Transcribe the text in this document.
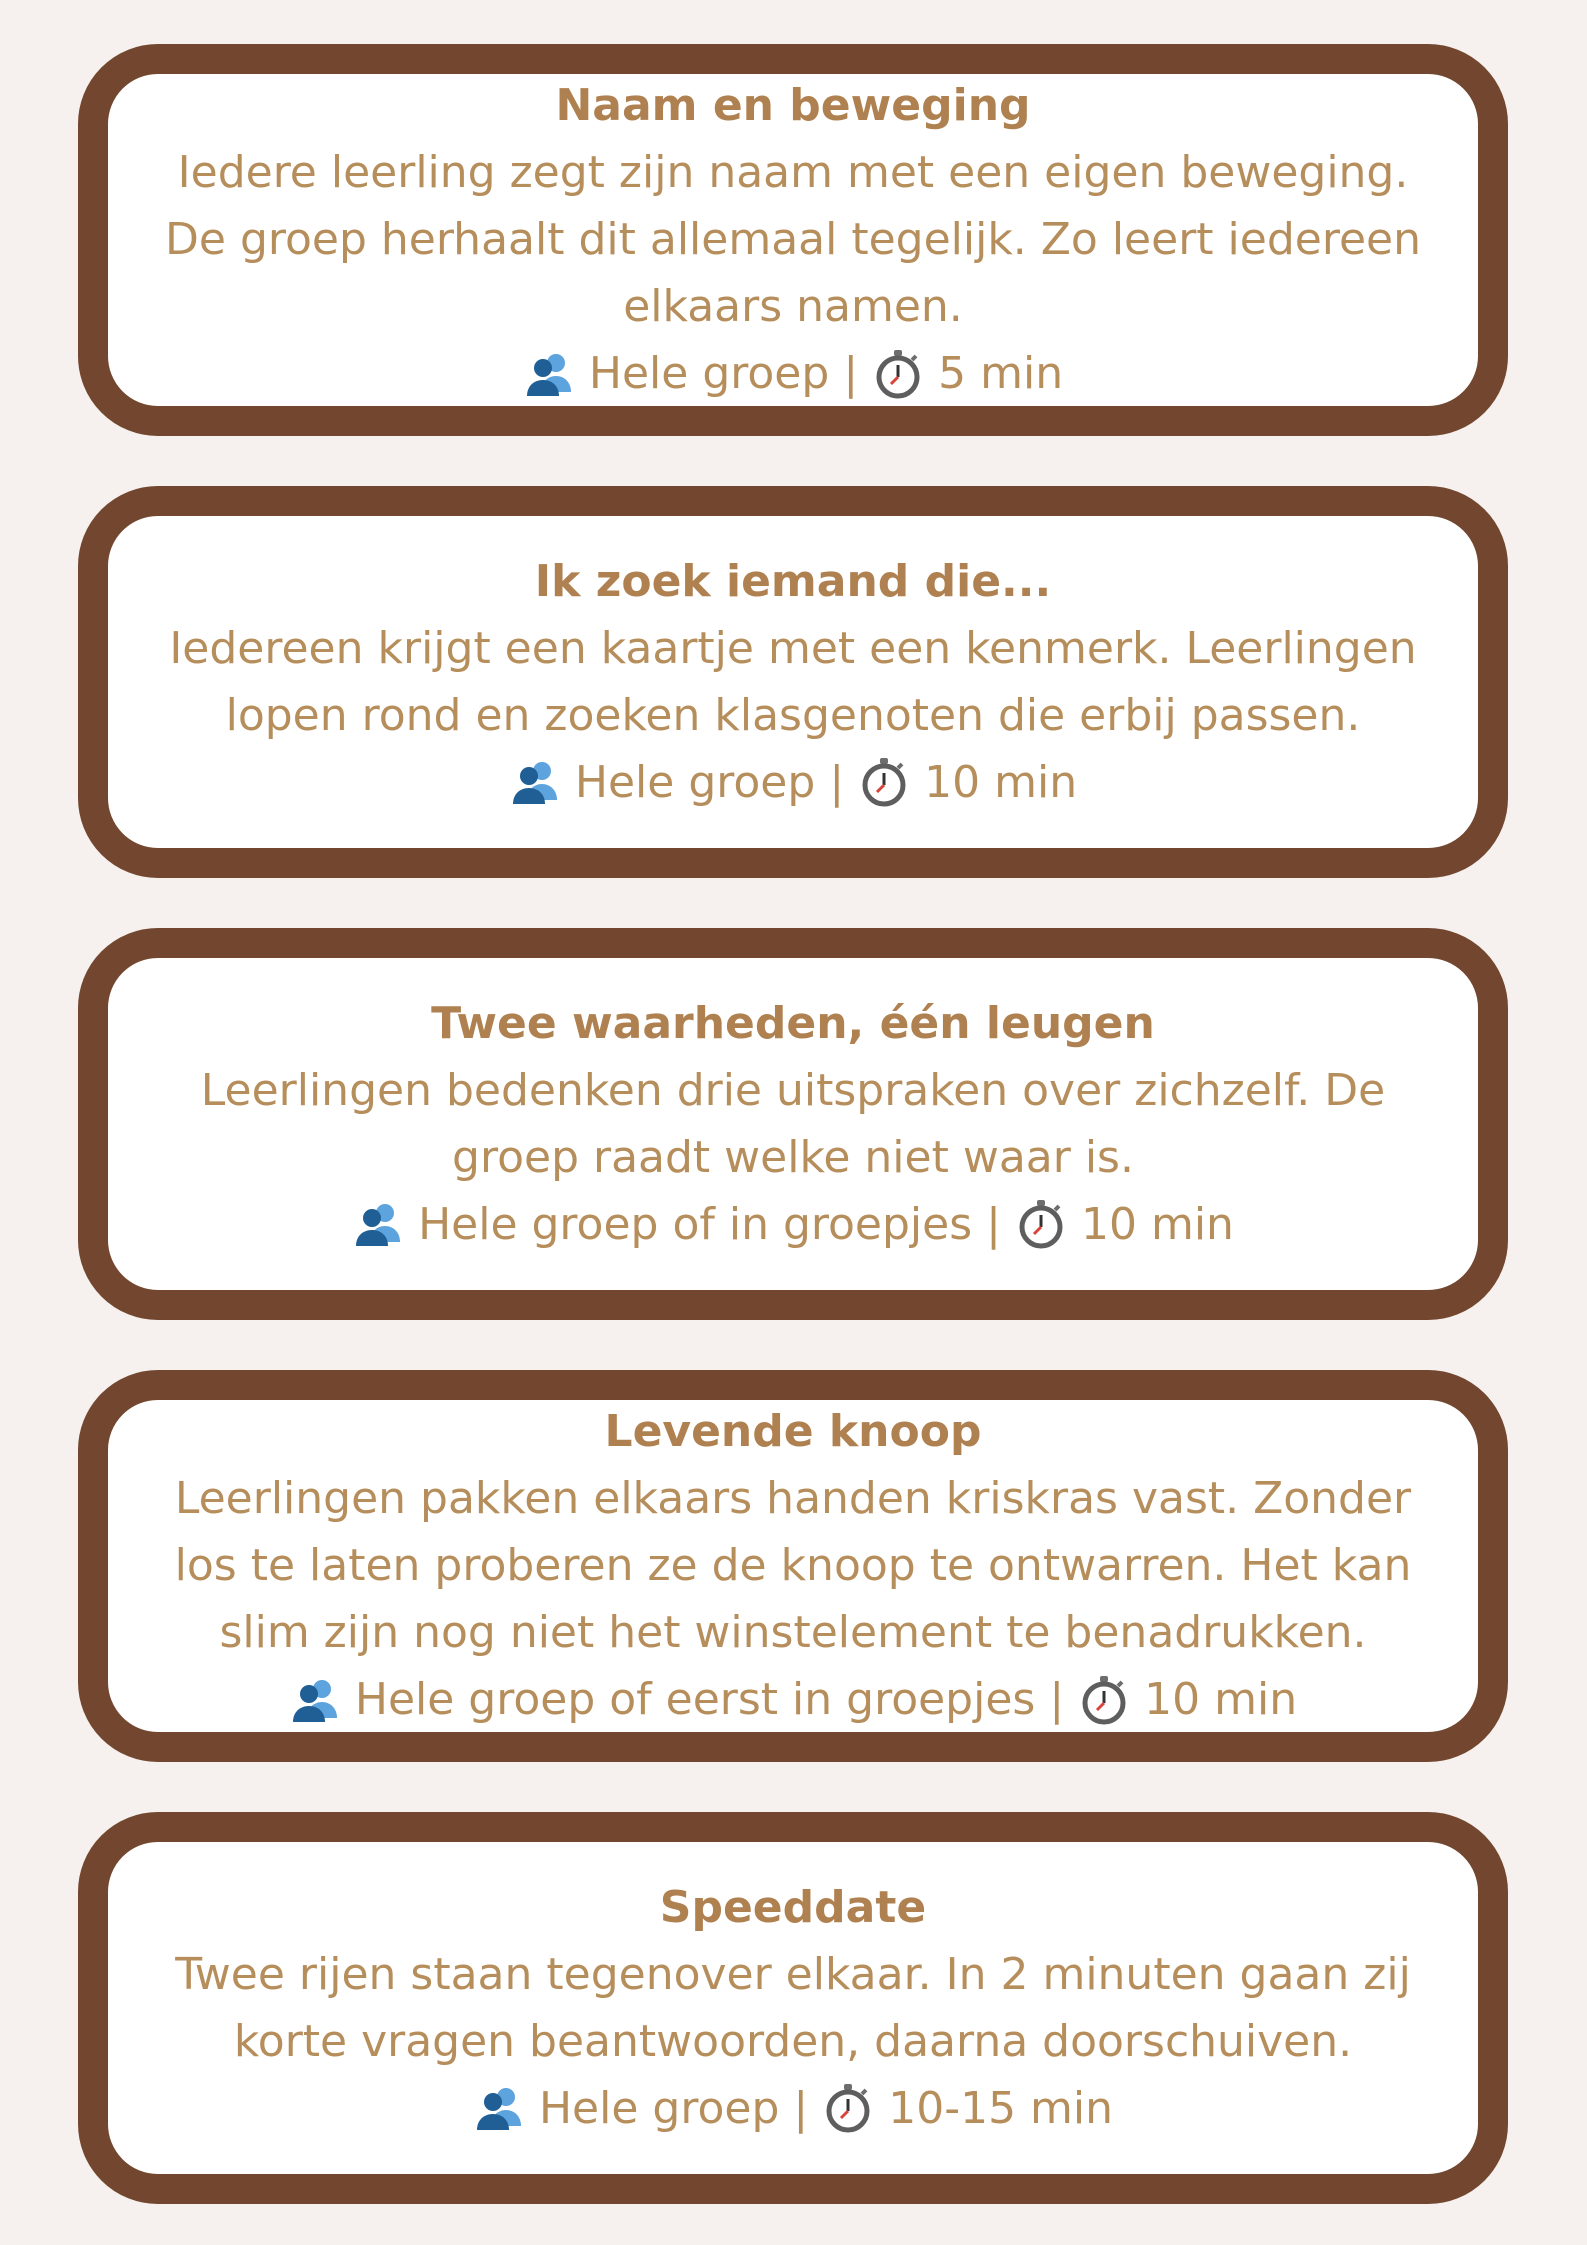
Naam en beweging
Iedere leerling zegt zijn naam met een eigen beweging. De groep herhaalt dit allemaal tegelijk. Zo leert iedereen elkaars namen.
Hele groep | 5 min
Ik zoek iemand die...
Iedereen krijgt een kaartje met een kenmerk. Leerlingen lopen rond en zoeken klasgenoten die erbij passen.
Hele groep | 10 min
Twee waarheden, één leugen
Leerlingen bedenken drie uitspraken over zichzelf. De groep raadt welke niet waar is.
Hele groep of in groepjes | 10 min
Levende knoop
Leerlingen pakken elkaars handen kriskras vast. Zonder los te laten proberen ze de knoop te ontwarren. Het kan slim zijn nog niet het winstelement te benadrukken.
Hele groep of eerst in groepjes | 10 min
Speeddate
Twee rijen staan tegenover elkaar. In 2 minuten gaan zij korte vragen beantwoorden, daarna doorschuiven.
Hele groep | 10-15 min
